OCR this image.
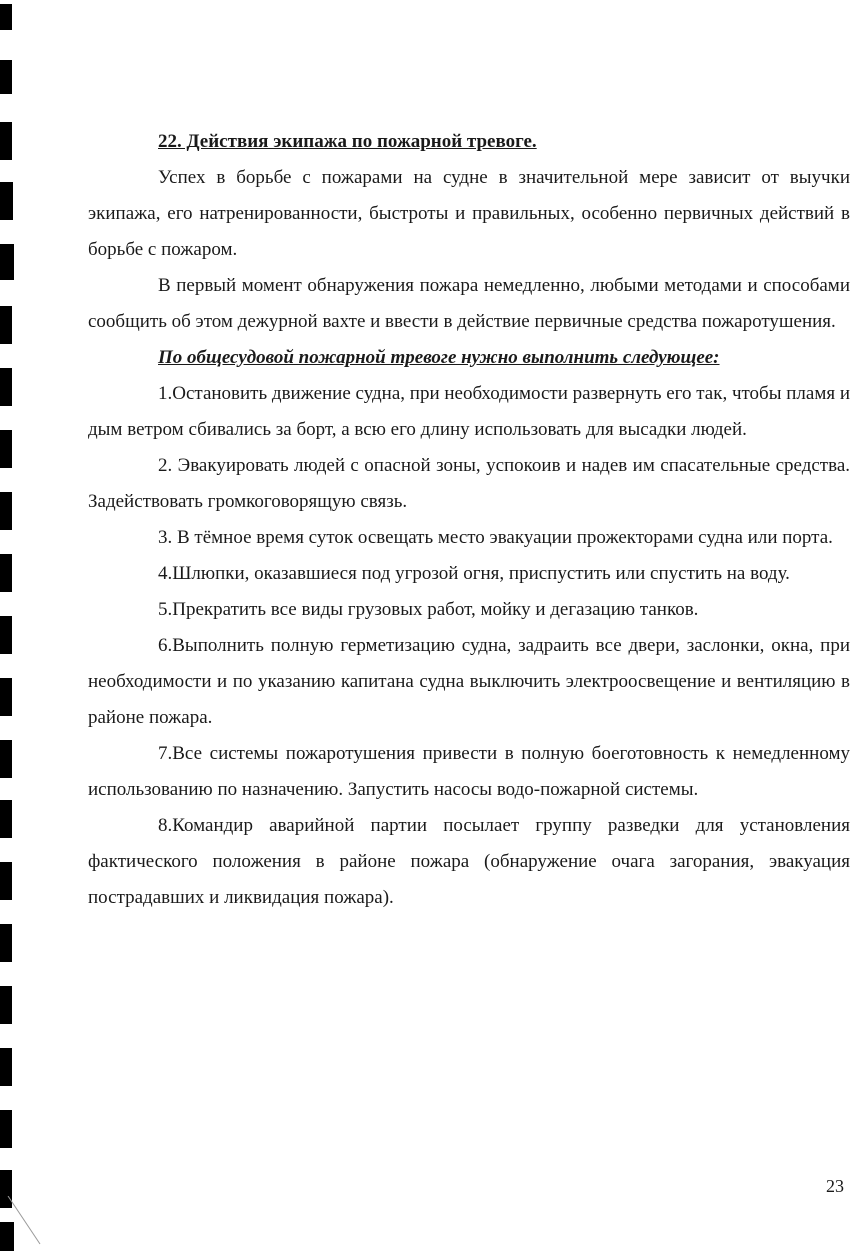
22. Действия экипажа по пожарной тревоге.

Успех в борьбе с пожарами на судне в значительной мере зависит от выучки экипажа, его натренированности, быстроты и правильных, особенно первичных действий в борьбе с пожаром.

В первый момент обнаружения пожара немедленно, любыми методами и способами сообщить об этом дежурной вахте и ввести в действие первичные средства пожаротушения.

По общесудовой пожарной тревоге нужно выполнить следующее:

1.Остановить движение судна, при необходимости развернуть его так, чтобы пламя и дым ветром сбивались за борт, а всю его длину использовать для высадки людей.

2. Эвакуировать людей с опасной зоны, успокоив и надев им спасательные средства. Задействовать громкоговорящую связь.

3. В тёмное время суток освещать место эвакуации прожекторами судна или порта.

4.Шлюпки, оказавшиеся под угрозой огня, приспустить или спустить на воду.

5.Прекратить все виды грузовых работ, мойку и дегазацию танков.

6.Выполнить полную герметизацию судна, задраить все двери, заслонки, окна, при необходимости и по указанию капитана судна выключить электроосвещение и вентиляцию в районе пожара.

7.Все системы пожаротушения привести в полную боеготовность к немедленному использованию по назначению. Запустить насосы водо-пожарной системы.

8.Командир аварийной партии посылает группу разведки для установления фактического положения в районе пожара (обнаружение очага загорания, эвакуация пострадавших и ликвидация пожара).

23
